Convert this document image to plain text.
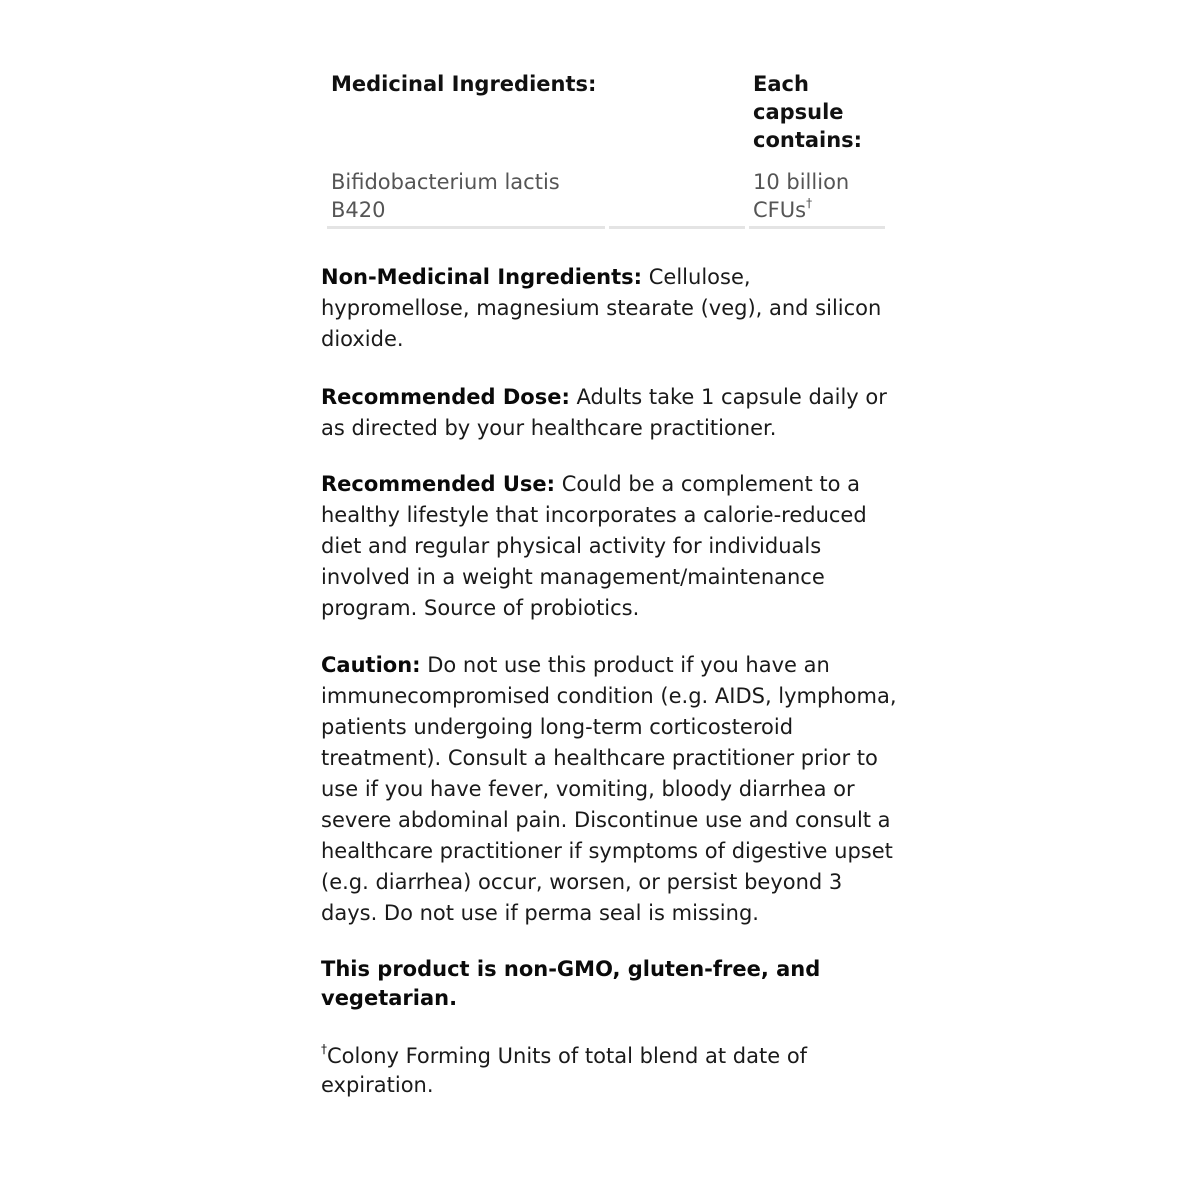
Medicinal Ingredients:		Each capsule contains:
Bifidobacterium lactis B420		10 billion CFUs†

Non-Medicinal Ingredients: Cellulose, hypromellose, magnesium stearate (veg), and silicon dioxide.

Recommended Dose: Adults take 1 capsule daily or as directed by your healthcare practitioner.

Recommended Use: Could be a complement to a healthy lifestyle that incorporates a calorie-reduced diet and regular physical activity for individuals involved in a weight management/maintenance program. Source of probiotics.

Caution: Do not use this product if you have an immunecompromised condition (e.g. AIDS, lymphoma, patients undergoing long-term corticosteroid treatment). Consult a healthcare practitioner prior to use if you have fever, vomiting, bloody diarrhea or severe abdominal pain. Discontinue use and consult a healthcare practitioner if symptoms of digestive upset (e.g. diarrhea) occur, worsen, or persist beyond 3 days. Do not use if perma seal is missing.

This product is non-GMO, gluten-free, and vegetarian.

†Colony Forming Units of total blend at date of expiration.
